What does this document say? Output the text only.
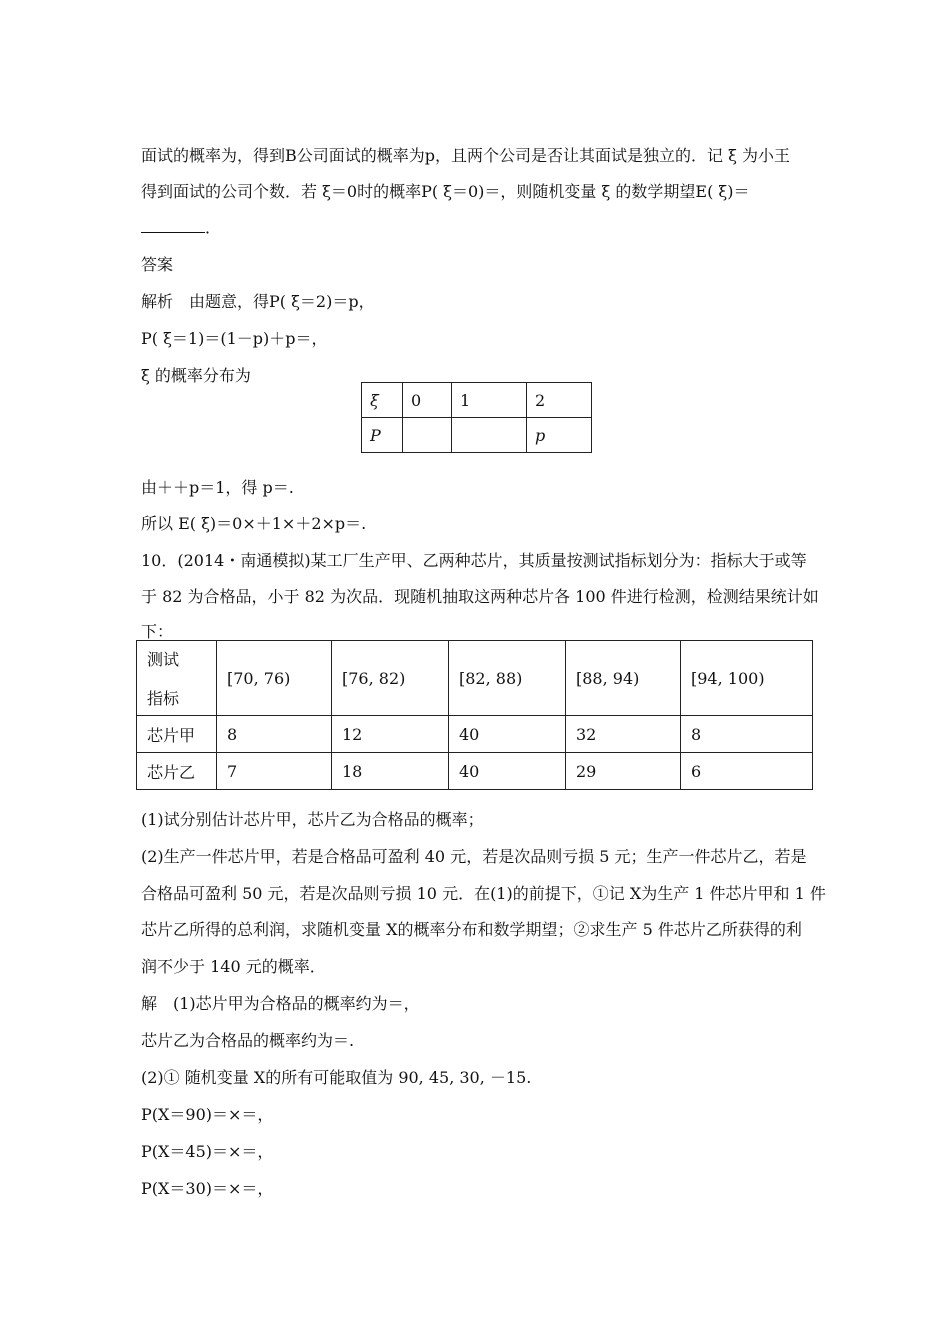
面试的概率为，得到B公司面试的概率为p，且两个公司是否让其面试是独立的．记 ξ 为小王
得到面试的公司个数．若 ξ＝0时的概率P( ξ＝0)＝，则随机变量 ξ 的数学期望E( ξ)＝
．
答案
解析　由题意，得P( ξ＝2)＝p，
P( ξ＝1)＝(1－p)＋p＝，
ξ 的概率分布为
ξ	0	1	2
P			p
由＋＋p＝1，得 p＝.
所以 E( ξ)＝0×＋1×＋2×p＝.
10．(2014・南通模拟)某工厂生产甲、乙两种芯片，其质量按测试指标划分为：指标大于或等
于 82 为合格品，小于 82 为次品．现随机抽取这两种芯片各 100 件进行检测，检测结果统计如
下：
测试
指标	[70, 76)	[76, 82)	[82, 88)	[88, 94)	[94, 100)
芯片甲	8	12	40	32	8
芯片乙	7	18	40	29	6
(1)试分别估计芯片甲，芯片乙为合格品的概率；
(2)生产一件芯片甲，若是合格品可盈利 40 元，若是次品则亏损 5 元；生产一件芯片乙，若是
合格品可盈利 50 元，若是次品则亏损 10 元．在(1)的前提下，①记 X为生产 1 件芯片甲和 1 件
芯片乙所得的总利润，求随机变量 X的概率分布和数学期望；②求生产 5 件芯片乙所获得的利
润不少于 140 元的概率．
解　(1)芯片甲为合格品的概率约为＝，
芯片乙为合格品的概率约为＝.
(2)① 随机变量 X的所有可能取值为 90, 45, 30, －15.
P(X＝90)＝×＝，
P(X＝45)＝×＝，
P(X＝30)＝×＝，
